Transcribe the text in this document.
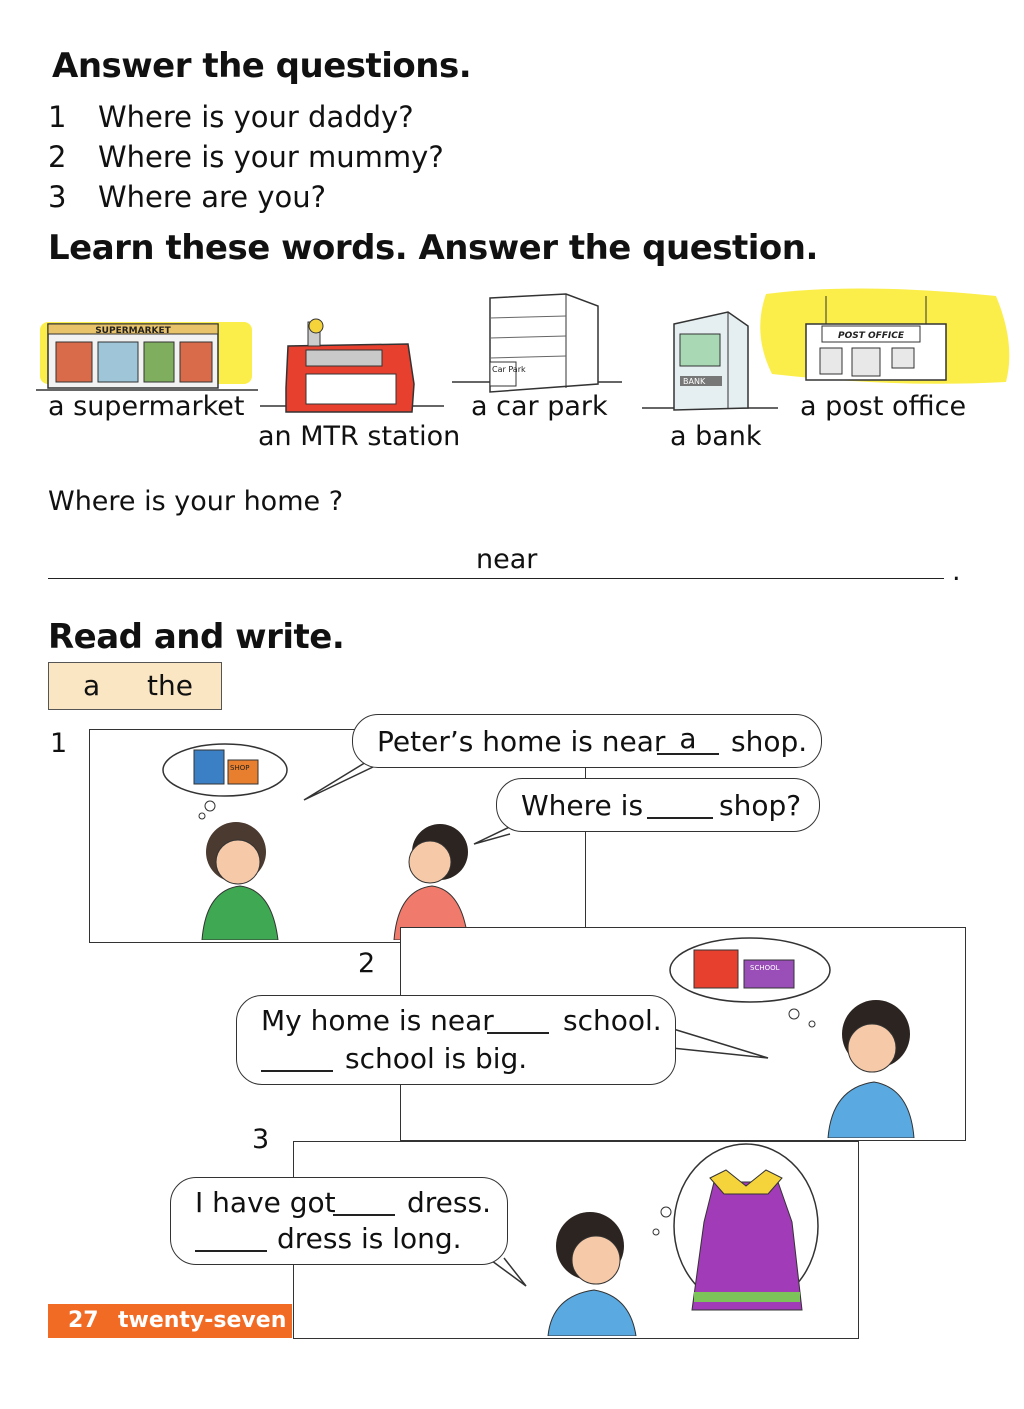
Answer the questions.
1 Where is your daddy?
2 Where is your mummy?
3 Where are you?
Learn these words. Answer the question.
SUPERMARKET
Car Park
BANK
POST OFFICE
a supermarket
an MTR station
a car park
a bank
a post office
Where is your home ?
near	.
Read and write.
a the
1
SHOP
Peter’s home is near a	shop.
Where is	shop?
2	SCHOOL
My home is near school.
school is big.
3
I have got	dress.
dress is long.
27 twenty-seven
